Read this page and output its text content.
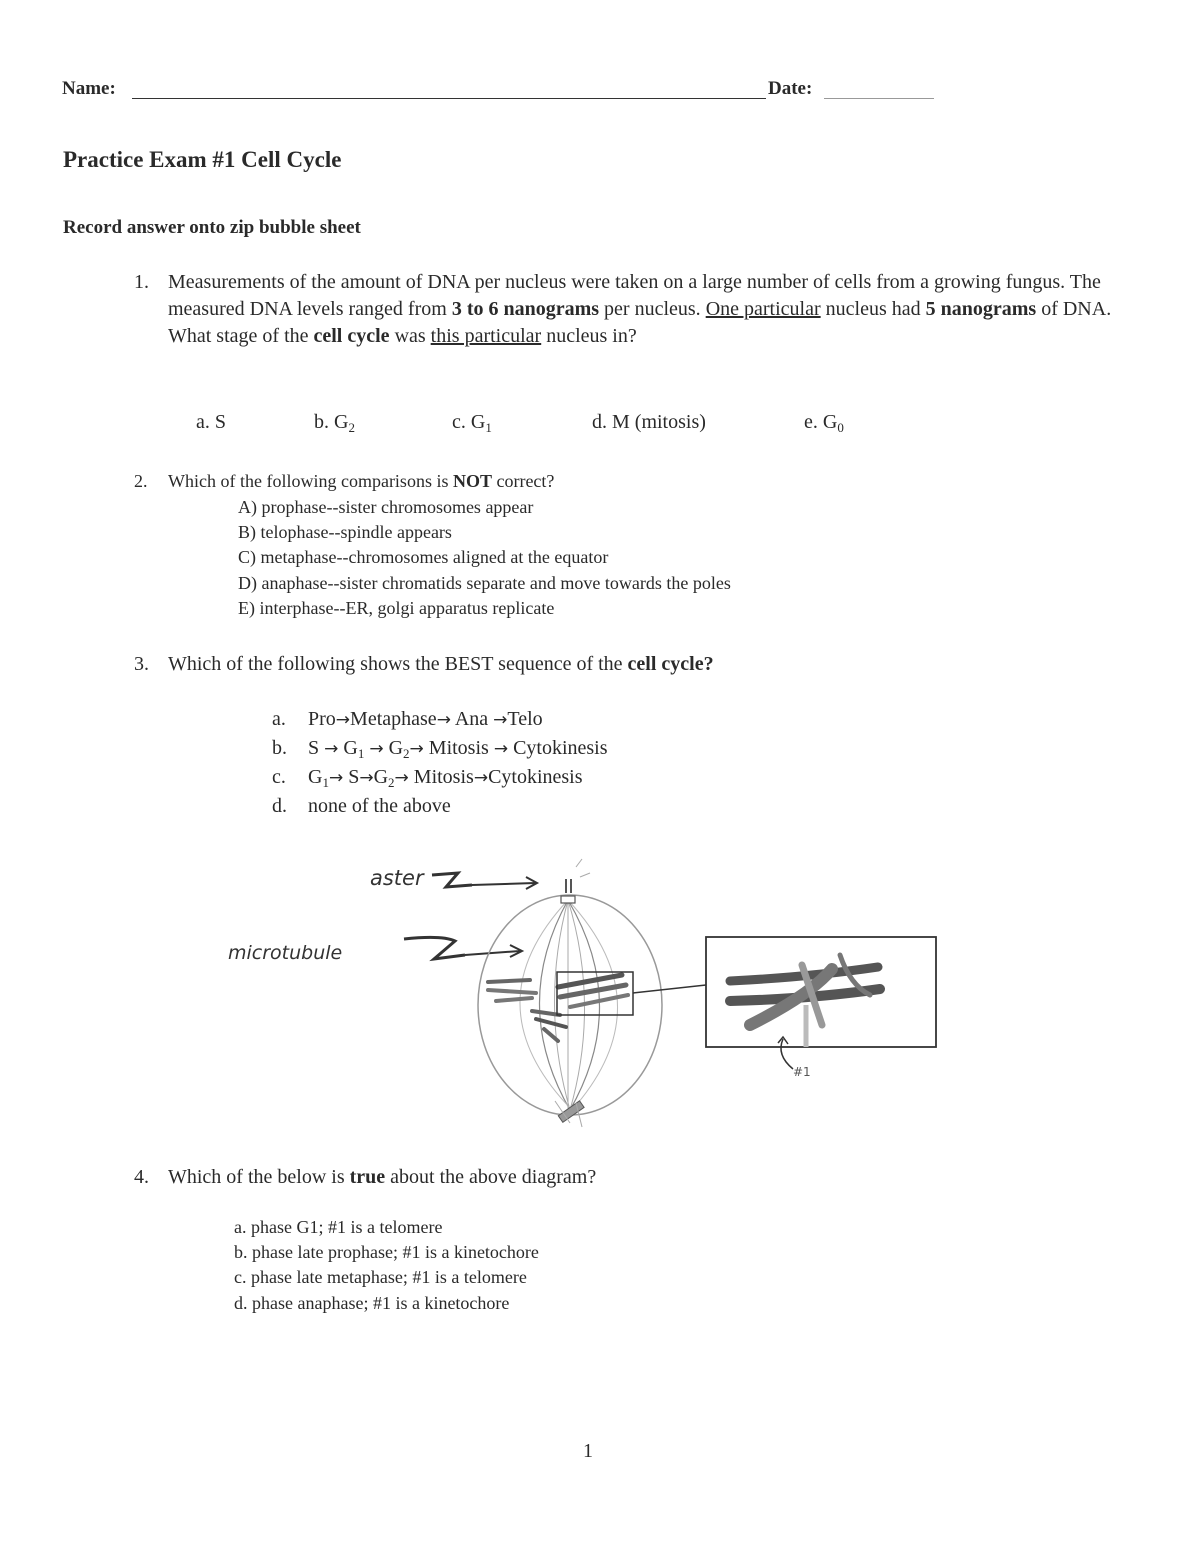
Name:	Date:
Practice Exam #1 Cell Cycle
Record answer onto zip bubble sheet
1. Measurements of the amount of DNA per nucleus were taken on a large number of cells from a growing fungus. The measured DNA levels ranged from 3 to 6 nanograms per nucleus. One particular nucleus had 5 nanograms of DNA. What stage of the cell cycle was this particular nucleus in?
a. S	b. $G_2$	c. $G_1$	d. M (mitosis)	e. $G_0$
2. Which of the following comparisons is NOT correct?
A) prophase--sister chromosomes appear
B) telophase--spindle appears
C) metaphase--chromosomes aligned at the equator
D) anaphase--sister chromatids separate and move towards the poles
E) interphase--ER, golgi apparatus replicate
3. Which of the following shows the BEST sequence of the cell cycle?
a. Pro→Metaphase→ Ana →Telo
b. $S \to G_1 \to G_2\to$ Mitosis → Cytokinesis
c. $G_1\to S\to G_2\to$ Mitosis→Cytokinesis
d. none of the above
aster
microtubule
#1
4. Which of the below is true about the above diagram?
a. phase G1; #1 is a telomere
b. phase late prophase; #1 is a kinetochore
c. phase late metaphase; #1 is a telomere
d. phase anaphase; #1 is a kinetochore
1
